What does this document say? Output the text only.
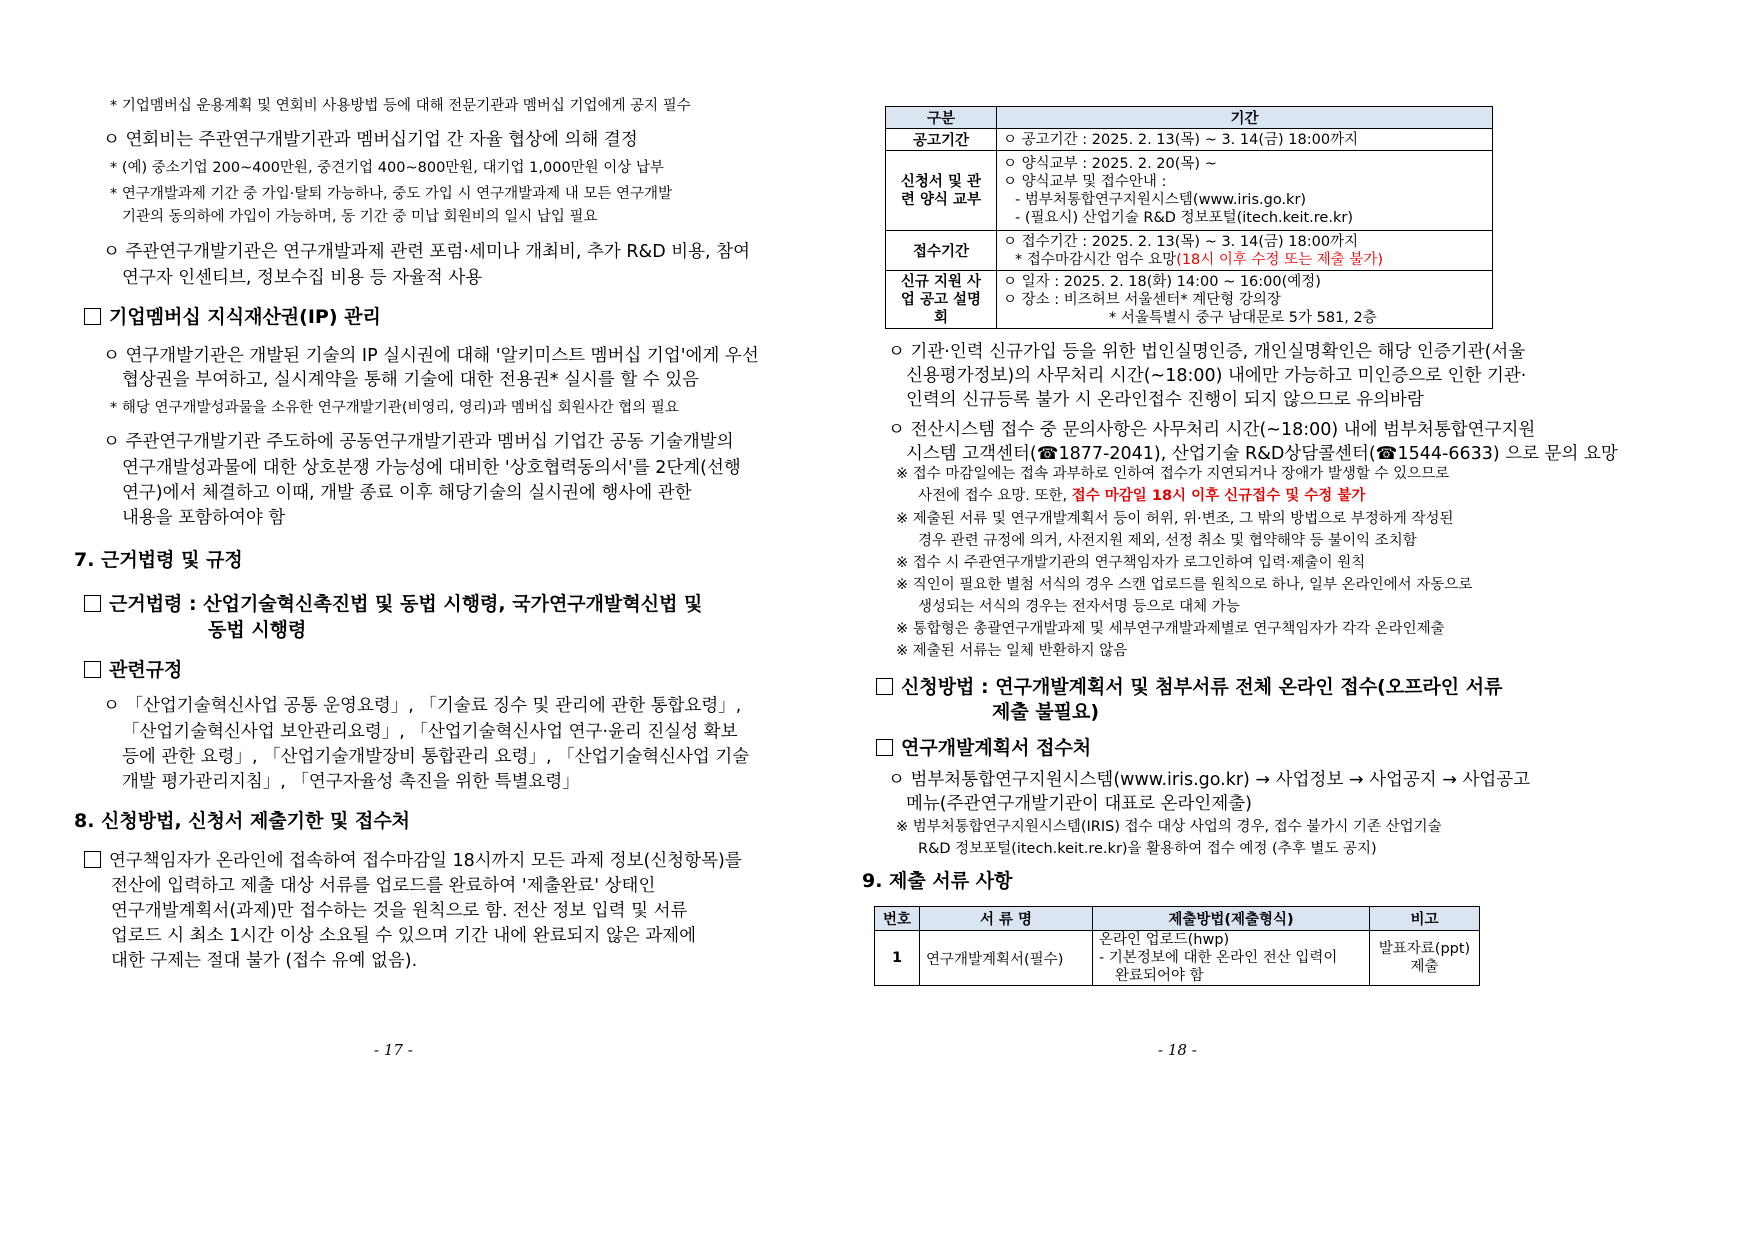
* 기업멤버십 운용계획 및 연회비 사용방법 등에 대해 전문기관과 멤버십 기업에게 공지 필수
ㅇ 연회비는 주관연구개발기관과 멤버십기업 간 자율 협상에 의해 결정
* (예) 중소기업 200~400만원, 중견기업 400~800만원, 대기업 1,000만원 이상 납부
* 연구개발과제 기간 중 가입·탈퇴 가능하나, 중도 가입 시 연구개발과제 내 모든 연구개발
기관의 동의하에 가입이 가능하며, 동 기간 중 미납 회원비의 일시 납입 필요
ㅇ 주관연구개발기관은 연구개발과제 관련 포럼·세미나 개최비, 추가 R&D 비용, 참여
연구자 인센티브, 정보수집 비용 등 자율적 사용
기업멤버십 지식재산권(IP) 관리
ㅇ 연구개발기관은 개발된 기술의 IP 실시권에 대해 '알키미스트 멤버십 기업'에게 우선
협상권을 부여하고, 실시계약을 통해 기술에 대한 전용권* 실시를 할 수 있음
* 해당 연구개발성과물을 소유한 연구개발기관(비영리, 영리)과 멤버십 회원사간 협의 필요
ㅇ 주관연구개발기관 주도하에 공동연구개발기관과 멤버십 기업간 공동 기술개발의
연구개발성과물에 대한 상호분쟁 가능성에 대비한 '상호협력동의서'를 2단계(선행
연구)에서 체결하고 이때, 개발 종료 이후 해당기술의 실시권에 행사에 관한
내용을 포함하여야 함
7. 근거법령 및 규정
근거법령 : 산업기술혁신촉진법 및 동법 시행령, 국가연구개발혁신법 및
동법 시행령
관련규정
ㅇ 「산업기술혁신사업 공통 운영요령」, 「기술료 징수 및 관리에 관한 통합요령」,
「산업기술혁신사업 보안관리요령」, 「산업기술혁신사업 연구·윤리 진실성 확보
등에 관한 요령」, 「산업기술개발장비 통합관리 요령」, 「산업기술혁신사업 기술
개발 평가관리지침」, 「연구자율성 촉진을 위한 특별요령」
8. 신청방법, 신청서 제출기한 및 접수처
연구책임자가 온라인에 접속하여 접수마감일 18시까지 모든 과제 정보(신청항목)를
전산에 입력하고 제출 대상 서류를 업로드를 완료하여 '제출완료' 상태인
연구개발계획서(과제)만 접수하는 것을 원칙으로 함. 전산 정보 입력 및 서류
업로드 시 최소 1시간 이상 소요될 수 있으며 기간 내에 완료되지 않은 과제에
대한 구제는 절대 불가 (접수 유예 없음).
- 17 -
구분	기간
공고기간	ㅇ 공고기간 : 2025. 2. 13(목) ~ 3. 14(금) 18:00까지

신청서 및 관련 양식 교부	ㅇ 양식교부 : 2025. 2. 20(목) ~
ㅇ 양식교부 및 접수안내 :
- 범부처통합연구지원시스템(www.iris.go.kr)
- (필요시) 산업기술 R&D 정보포털(itech.keit.re.kr)

접수기간	ㅇ 접수기간 : 2025. 2. 13(목) ~ 3. 14(금) 18:00까지
* 접수마감시간 엄수 요망(18시 이후 수정 또는 제출 불가)

신규 지원 사업 공고 설명회	ㅇ 일자 : 2025. 2. 18(화) 14:00 ~ 16:00(예정)
ㅇ 장소 : 비즈허브 서울센터* 계단형 강의장
* 서울특별시 중구 남대문로 5가 581, 2층
ㅇ 기관·인력 신규가입 등을 위한 법인실명인증, 개인실명확인은 해당 인증기관(서울
신용평가정보)의 사무처리 시간(~18:00) 내에만 가능하고 미인증으로 인한 기관·
인력의 신규등록 불가 시 온라인접수 진행이 되지 않으므로 유의바람
ㅇ 전산시스템 접수 중 문의사항은 사무처리 시간(~18:00) 내에 범부처통합연구지원
시스템 고객센터(☎1877-2041), 산업기술 R&D상담콜센터(☎1544-6633) 으로 문의 요망
※ 접수 마감일에는 접속 과부하로 인하여 접수가 지연되거나 장애가 발생할 수 있으므로
사전에 접수 요망. 또한, 접수 마감일 18시 이후 신규접수 및 수정 불가
※ 제출된 서류 및 연구개발계획서 등이 허위, 위·변조, 그 밖의 방법으로 부정하게 작성된
경우 관련 규정에 의거, 사전지원 제외, 선정 취소 및 협약해약 등 불이익 조치함
※ 접수 시 주관연구개발기관의 연구책임자가 로그인하여 입력·제출이 원칙
※ 직인이 필요한 별첨 서식의 경우 스캔 업로드를 원칙으로 하나, 일부 온라인에서 자동으로
생성되는 서식의 경우는 전자서명 등으로 대체 가능
※ 통합형은 총괄연구개발과제 및 세부연구개발과제별로 연구책임자가 각각 온라인제출
※ 제출된 서류는 일체 반환하지 않음
신청방법 : 연구개발계획서 및 첨부서류 전체 온라인 접수(오프라인 서류
제출 불필요)
연구개발계획서 접수처
ㅇ 범부처통합연구지원시스템(www.iris.go.kr) → 사업정보 → 사업공지 → 사업공고
메뉴(주관연구개발기관이 대표로 온라인제출)
※ 범부처통합연구지원시스템(IRIS) 접수 대상 사업의 경우, 접수 불가시 기존 산업기술
R&D 정보포털(itech.keit.re.kr)을 활용하여 접수 예정 (추후 별도 공지)
9. 제출 서류 사항
번호	서 류 명	제출방법(제출형식)	비고
1	연구개발계획서(필수)	온라인 업로드(hwp)
- 기본정보에 대한 온라인 전산 입력이
완료되어야 함	발표자료(ppt)
제출
- 18 -
